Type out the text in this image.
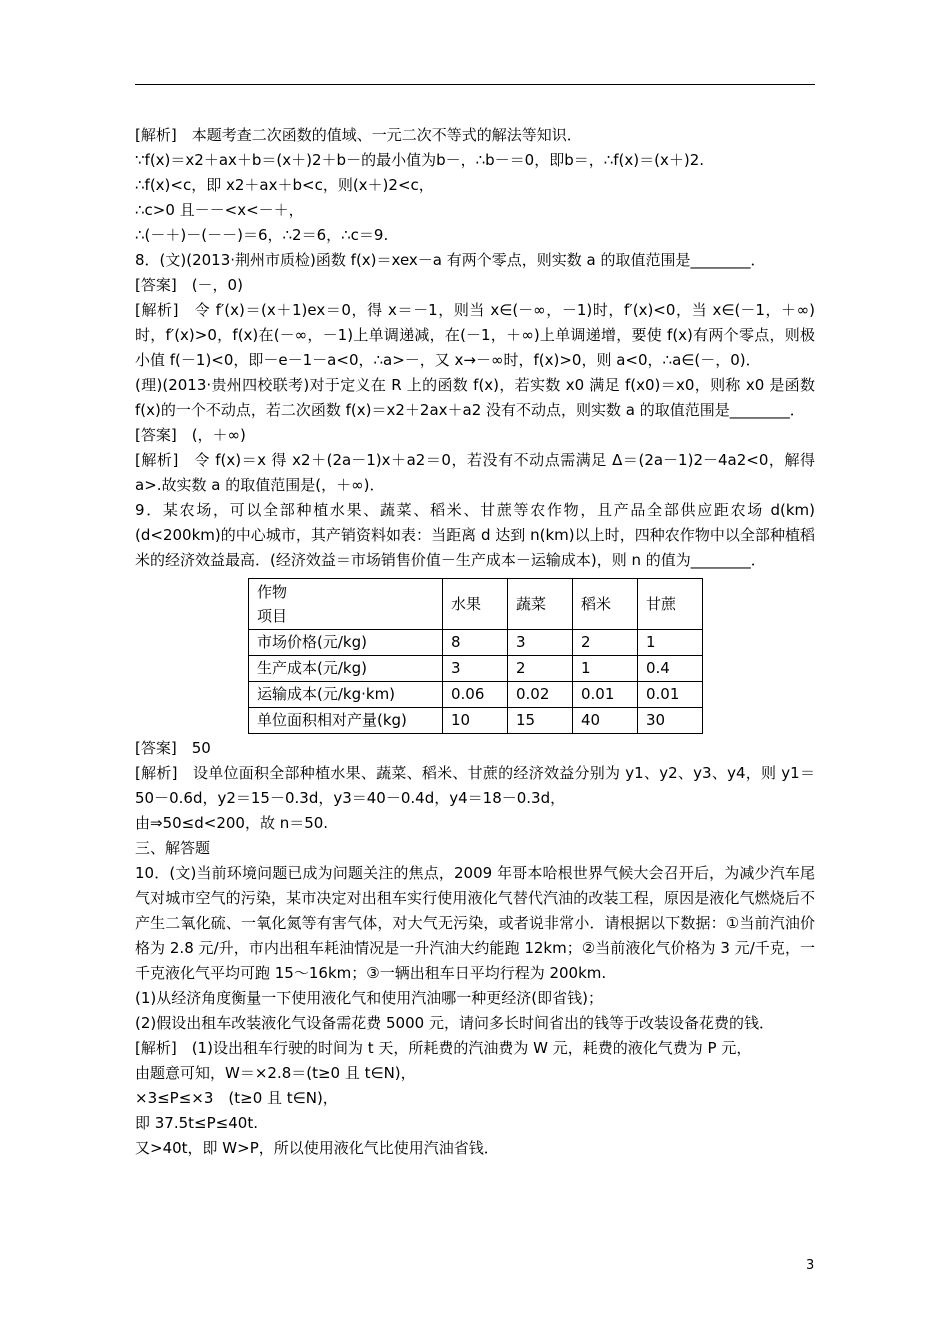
[解析]　本题考查二次函数的值域、一元二次不等式的解法等知识．
∵f(x)＝x2＋ax＋b＝(x＋)2＋b－的最小值为b－，∴b－＝0，即b＝，∴f(x)＝(x＋)2.
∴f(x)<c，即 x2＋ax＋b<c，则(x＋)2<c，
∴c>0 且－－<x<－＋，
∴(－＋)－(－－)＝6，∴2＝6，∴c＝9.
8．(文)(2013·荆州市质检)函数 f(x)＝xex－a 有两个零点，则实数 a 的取值范围是________．
[答案]　(－，0)
[解析]　令 f′(x)＝(x＋1)ex＝0，得 x＝－1，则当 x∈(－∞，－1)时，f′(x)<0，当 x∈(－1，＋∞)时，f′(x)>0，f(x)在(－∞，－1)上单调递减，在(－1，＋∞)上单调递增，要使 f(x)有两个零点，则极小值 f(－1)<0，即－e－1－a<0，∴a>－，又 x→－∞时，f(x)>0，则 a<0，∴a∈(－，0)．
(理)(2013·贵州四校联考)对于定义在 R 上的函数 f(x)，若实数 x0 满足 f(x0)＝x0，则称 x0 是函数 f(x)的一个不动点，若二次函数 f(x)＝x2＋2ax＋a2 没有不动点，则实数 a 的取值范围是________．
[答案]　(，＋∞)
[解析]　令 f(x)＝x 得 x2＋(2a－1)x＋a2＝0，若没有不动点需满足 Δ＝(2a－1)2－4a2<0，解得 a>.故实数 a 的取值范围是(，＋∞)．
9．某农场，可以全部种植水果、蔬菜、稻米、甘蔗等农作物，且产品全部供应距农场 d(km)(d<200km)的中心城市，其产销资料如表：当距离 d 达到 n(km)以上时，四种农作物中以全部种植稻米的经济效益最高．(经济效益＝市场销售价值－生产成本－运输成本)，则 n 的值为________．
作物
项目	水果	蔬菜	稻米	甘蔗
市场价格(元/kg)	8	3	2	1
生产成本(元/kg)	3	2	1	0.4
运输成本(元/kg·km)	0.06	0.02	0.01	0.01
单位面积相对产量(kg)	10	15	40	30
[答案]　50
[解析]　设单位面积全部种植水果、蔬菜、稻米、甘蔗的经济效益分别为 y1、y2、y3、y4，则 y1＝50－0.6d，y2＝15－0.3d，y3＝40－0.4d，y4＝18－0.3d，
由⇒50≤d<200，故 n＝50.
三、解答题
10．(文)当前环境问题已成为问题关注的焦点，2009 年哥本哈根世界气候大会召开后，为减少汽车尾气对城市空气的污染，某市决定对出租车实行使用液化气替代汽油的改装工程，原因是液化气燃烧后不产生二氧化硫、一氧化氮等有害气体，对大气无污染，或者说非常小．请根据以下数据：①当前汽油价格为 2.8 元/升，市内出租车耗油情况是一升汽油大约能跑 12km；②当前液化气价格为 3 元/千克，一千克液化气平均可跑 15～16km；③一辆出租车日平均行程为 200km.
(1)从经济角度衡量一下使用液化气和使用汽油哪一种更经济(即省钱)；
(2)假设出租车改装液化气设备需花费 5000 元，请问多长时间省出的钱等于改装设备花费的钱．
[解析]　(1)设出租车行驶的时间为 t 天，所耗费的汽油费为 W 元，耗费的液化气费为 P 元，
由题意可知，W＝×2.8＝(t≥0 且 t∈N)，
×3≤P≤×3　(t≥0 且 t∈N)，
即 37.5t≤P≤40t.
又>40t，即 W>P，所以使用液化气比使用汽油省钱．
3
